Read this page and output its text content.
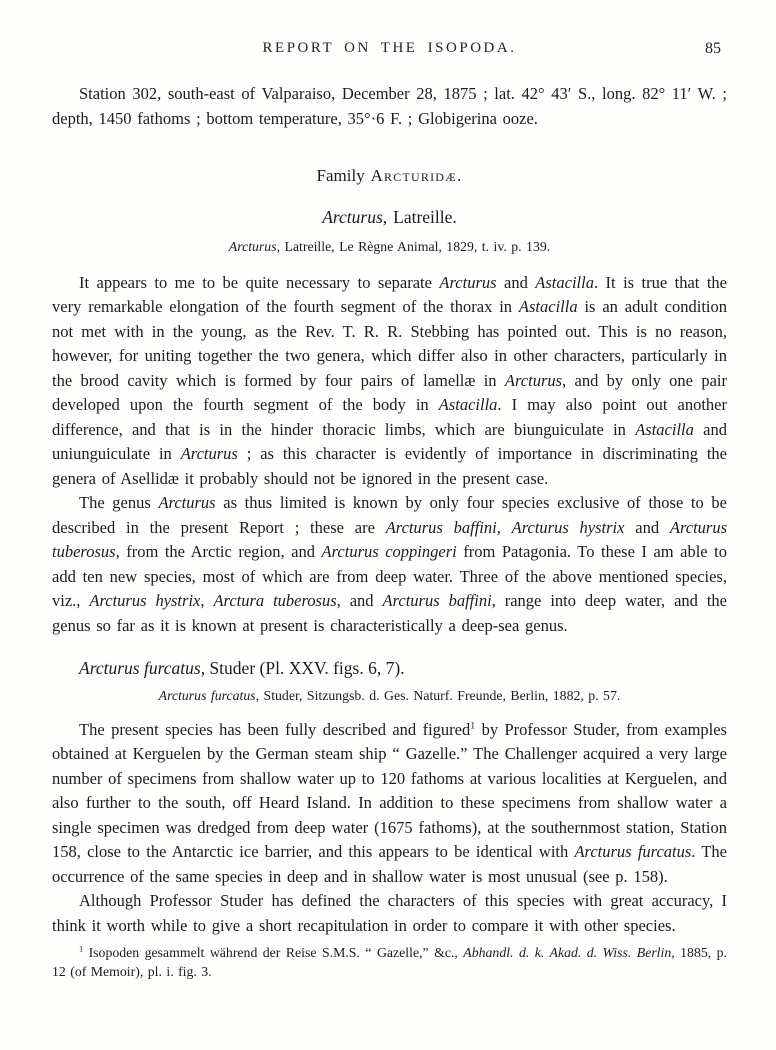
REPORT ON THE ISOPODA.	85

Station 302, south-east of Valparaiso, December 28, 1875 ; lat. 42° 43′ S., long. 82° 11′ W. ; depth, 1450 fathoms ; bottom temperature, 35°·6 F. ; Globigerina ooze.

Family Arcturidæ.

Arcturus, Latreille.

Arcturus, Latreille, Le Règne Animal, 1829, t. iv. p. 139.

It appears to me to be quite necessary to separate Arcturus and Astacilla. It is true that the very remarkable elongation of the fourth segment of the thorax in Astacilla is an adult condition not met with in the young, as the Rev. T. R. R. Stebbing has pointed out. This is no reason, however, for uniting together the two genera, which differ also in other characters, particularly in the brood cavity which is formed by four pairs of lamellæ in Arcturus, and by only one pair developed upon the fourth segment of the body in Astacilla. I may also point out another difference, and that is in the hinder thoracic limbs, which are biunguiculate in Astacilla and uniunguiculate in Arcturus ; as this character is evidently of importance in discriminating the genera of Asellidæ it probably should not be ignored in the present case.

The genus Arcturus as thus limited is known by only four species exclusive of those to be described in the present Report ; these are Arcturus baffini, Arcturus hystrix and Arcturus tuberosus, from the Arctic region, and Arcturus coppingeri from Patagonia. To these I am able to add ten new species, most of which are from deep water. Three of the above mentioned species, viz., Arcturus hystrix, Arctura tuberosus, and Arcturus baffini, range into deep water, and the genus so far as it is known at present is characteristically a deep-sea genus.

Arcturus furcatus, Studer (Pl. XXV. figs. 6, 7).

Arcturus furcatus, Studer, Sitzungsb. d. Ges. Naturf. Freunde, Berlin, 1882, p. 57.

The present species has been fully described and figured$^1$ by Professor Studer, from examples obtained at Kerguelen by the German steam ship “ Gazelle.” The Challenger acquired a very large number of specimens from shallow water up to 120 fathoms at various localities at Kerguelen, and also further to the south, off Heard Island. In addition to these specimens from shallow water a single specimen was dredged from deep water (1675 fathoms), at the southernmost station, Station 158, close to the Antarctic ice barrier, and this appears to be identical with Arcturus furcatus. The occurrence of the same species in deep and in shallow water is most unusual (see p. 158).

Although Professor Studer has defined the characters of this species with great accuracy, I think it worth while to give a short recapitulation in order to compare it with other species.

$^1$ Isopoden gesammelt während der Reise S.M.S. “ Gazelle,” &c., Abhandl. d. k. Akad. d. Wiss. Berlin, 1885, p. 12 (of Memoir), pl. i. fig. 3.
